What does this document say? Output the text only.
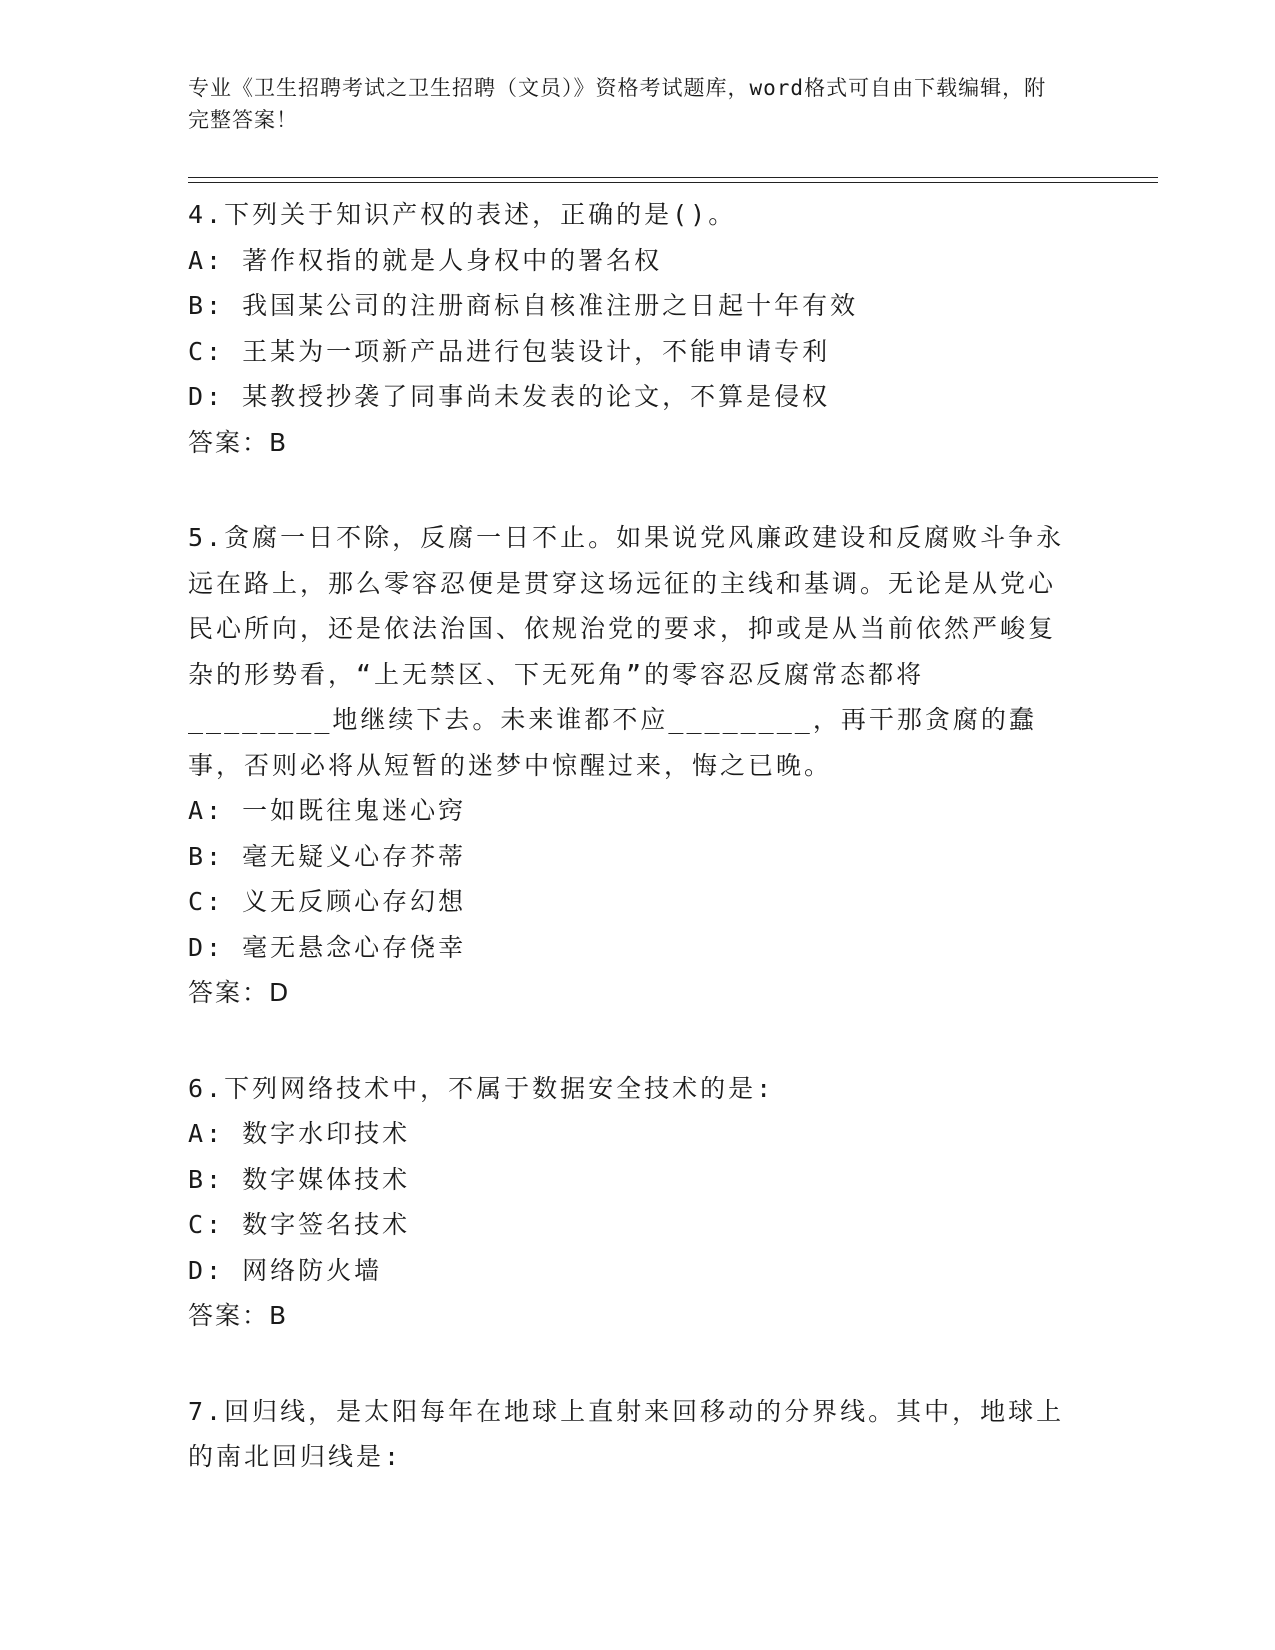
专业《卫生招聘考试之卫生招聘（文员）》资格考试题库，word格式可自由下载编辑，附完整答案！

4.下列关于知识产权的表述，正确的是()。

A: 著作权指的就是人身权中的署名权
B: 我国某公司的注册商标自核准注册之日起十年有效
C: 王某为一项新产品进行包装设计，不能申请专利
D: 某教授抄袭了同事尚未发表的论文，不算是侵权
答案：B

5.贪腐一日不除，反腐一日不止。如果说党风廉政建设和反腐败斗争永远在路上，那么零容忍便是贯穿这场远征的主线和基调。无论是从党心民心所向，还是依法治国、依规治党的要求，抑或是从当前依然严峻复杂的形势看，“上无禁区、下无死角”的零容忍反腐常态都将________地继续下去。未来谁都不应________，再干那贪腐的蠢事，否则必将从短暂的迷梦中惊醒过来，悔之已晚。

A: 一如既往鬼迷心窍
B: 毫无疑义心存芥蒂
C: 义无反顾心存幻想
D: 毫无悬念心存侥幸
答案：D

6.下列网络技术中，不属于数据安全技术的是:

A: 数字水印技术
B: 数字媒体技术
C: 数字签名技术
D: 网络防火墙
答案：B

7.回归线，是太阳每年在地球上直射来回移动的分界线。其中，地球上的南北回归线是:
